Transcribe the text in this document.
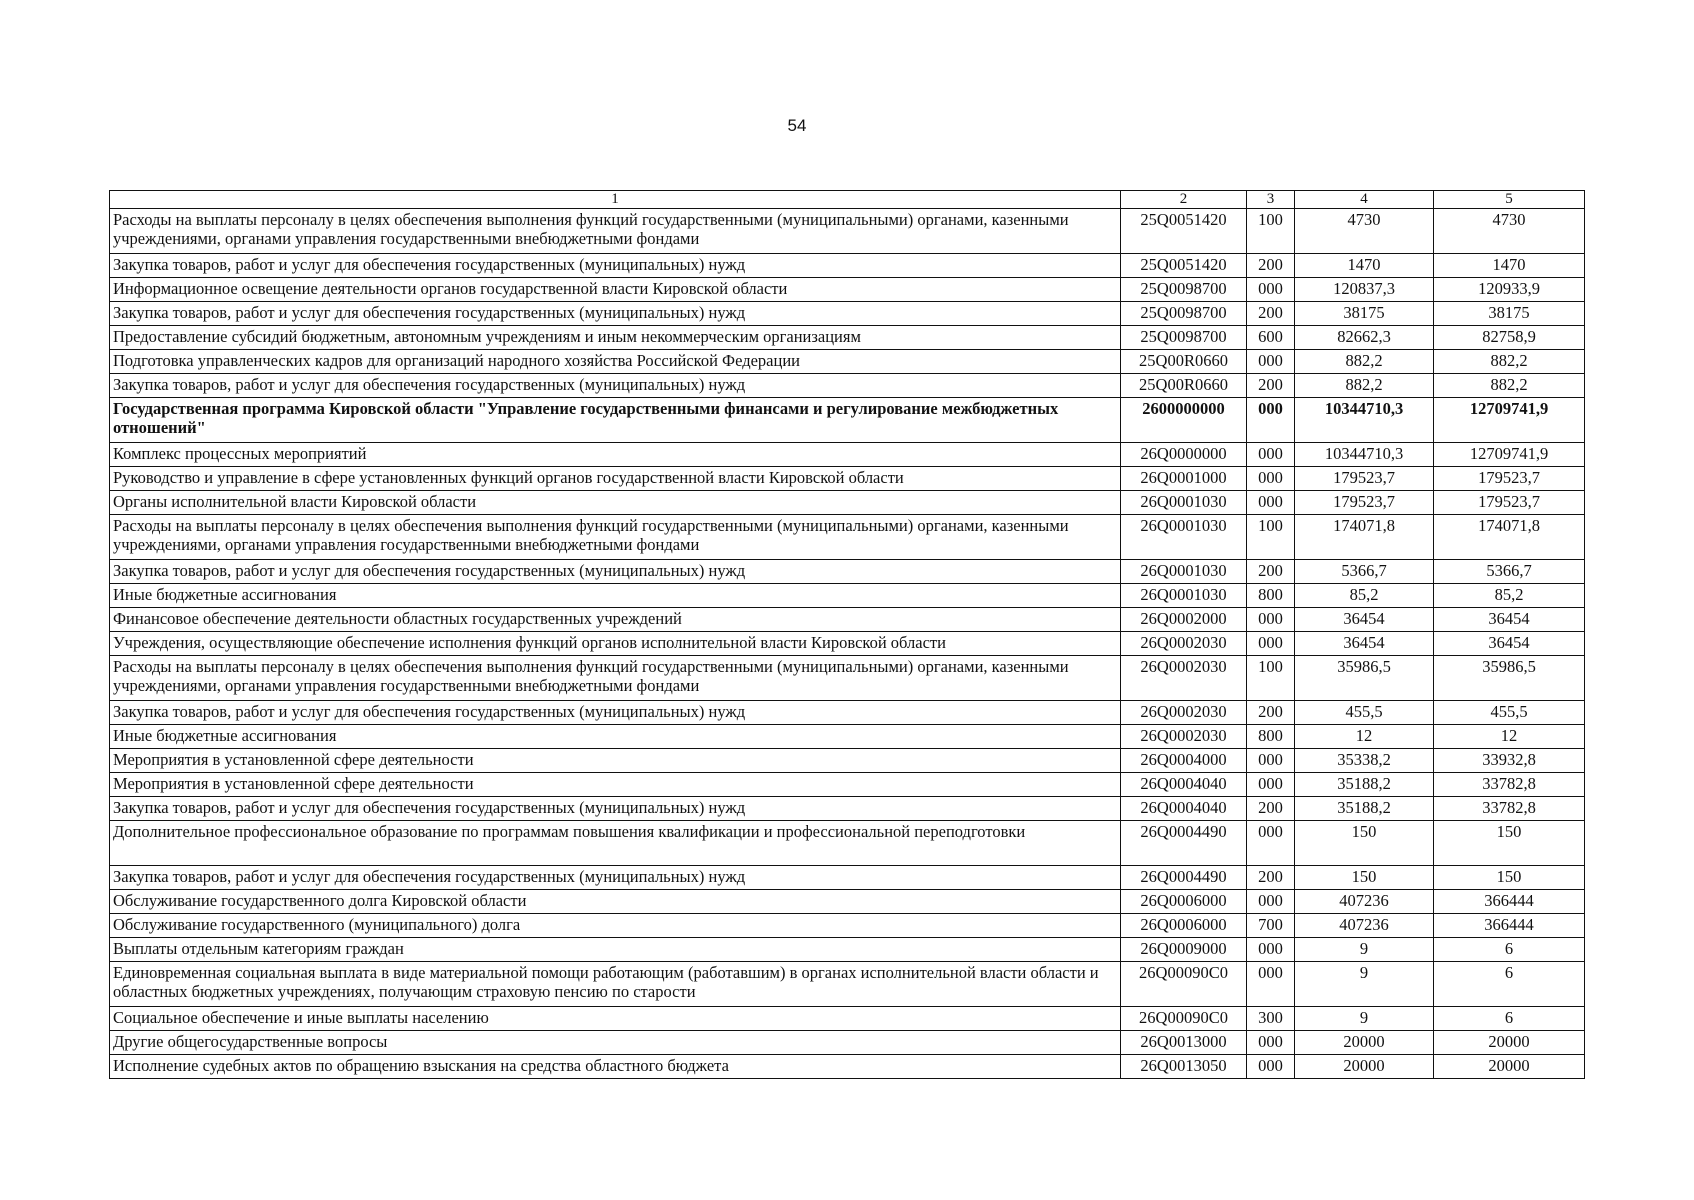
54
1	2	3	4	5
Расходы на выплаты персоналу в целях обеспечения выполнения функций государственными (муниципальными) органами, казенными учреждениями, органами управления государственными внебюджетными фондами	25Q0051420	100	4730	4730
Закупка товаров, работ и услуг для обеспечения государственных (муниципальных) нужд	25Q0051420	200	1470	1470
Информационное освещение деятельности органов государственной власти Кировской области	25Q0098700	000	120837,3	120933,9
Закупка товаров, работ и услуг для обеспечения государственных (муниципальных) нужд	25Q0098700	200	38175	38175
Предоставление субсидий бюджетным, автономным учреждениям и иным некоммерческим организациям	25Q0098700	600	82662,3	82758,9
Подготовка управленческих кадров для организаций народного хозяйства Российской Федерации	25Q00R0660	000	882,2	882,2
Закупка товаров, работ и услуг для обеспечения государственных (муниципальных) нужд	25Q00R0660	200	882,2	882,2
Государственная программа Кировской области "Управление государственными финансами и регулирование межбюджетных отношений"	2600000000	000	10344710,3	12709741,9
Комплекс процессных мероприятий	26Q0000000	000	10344710,3	12709741,9
Руководство и управление в сфере установленных функций органов государственной власти Кировской области	26Q0001000	000	179523,7	179523,7
Органы исполнительной власти Кировской области	26Q0001030	000	179523,7	179523,7
Расходы на выплаты персоналу в целях обеспечения выполнения функций государственными (муниципальными) органами, казенными учреждениями, органами управления государственными внебюджетными фондами	26Q0001030	100	174071,8	174071,8
Закупка товаров, работ и услуг для обеспечения государственных (муниципальных) нужд	26Q0001030	200	5366,7	5366,7
Иные бюджетные ассигнования	26Q0001030	800	85,2	85,2
Финансовое обеспечение деятельности областных государственных учреждений	26Q0002000	000	36454	36454
Учреждения, осуществляющие обеспечение исполнения функций органов исполнительной власти Кировской области	26Q0002030	000	36454	36454
Расходы на выплаты персоналу в целях обеспечения выполнения функций государственными (муниципальными) органами, казенными учреждениями, органами управления государственными внебюджетными фондами	26Q0002030	100	35986,5	35986,5
Закупка товаров, работ и услуг для обеспечения государственных (муниципальных) нужд	26Q0002030	200	455,5	455,5
Иные бюджетные ассигнования	26Q0002030	800	12	12
Мероприятия в установленной сфере деятельности	26Q0004000	000	35338,2	33932,8
Мероприятия в установленной сфере деятельности	26Q0004040	000	35188,2	33782,8
Закупка товаров, работ и услуг для обеспечения государственных (муниципальных) нужд	26Q0004040	200	35188,2	33782,8
Дополнительное профессиональное образование по программам повышения квалификации и профессиональной переподготовки	26Q0004490	000	150	150
Закупка товаров, работ и услуг для обеспечения государственных (муниципальных) нужд	26Q0004490	200	150	150
Обслуживание государственного долга Кировской области	26Q0006000	000	407236	366444
Обслуживание государственного (муниципального) долга	26Q0006000	700	407236	366444
Выплаты отдельным категориям граждан	26Q0009000	000	9	6
Единовременная социальная выплата в виде материальной помощи работающим (работавшим) в органах исполнительной власти области и областных бюджетных учреждениях, получающим страховую пенсию по старости	26Q00090C0	000	9	6
Социальное обеспечение и иные выплаты населению	26Q00090C0	300	9	6
Другие общегосударственные вопросы	26Q0013000	000	20000	20000
Исполнение судебных актов по обращению взыскания на средства областного бюджета	26Q0013050	000	20000	20000
